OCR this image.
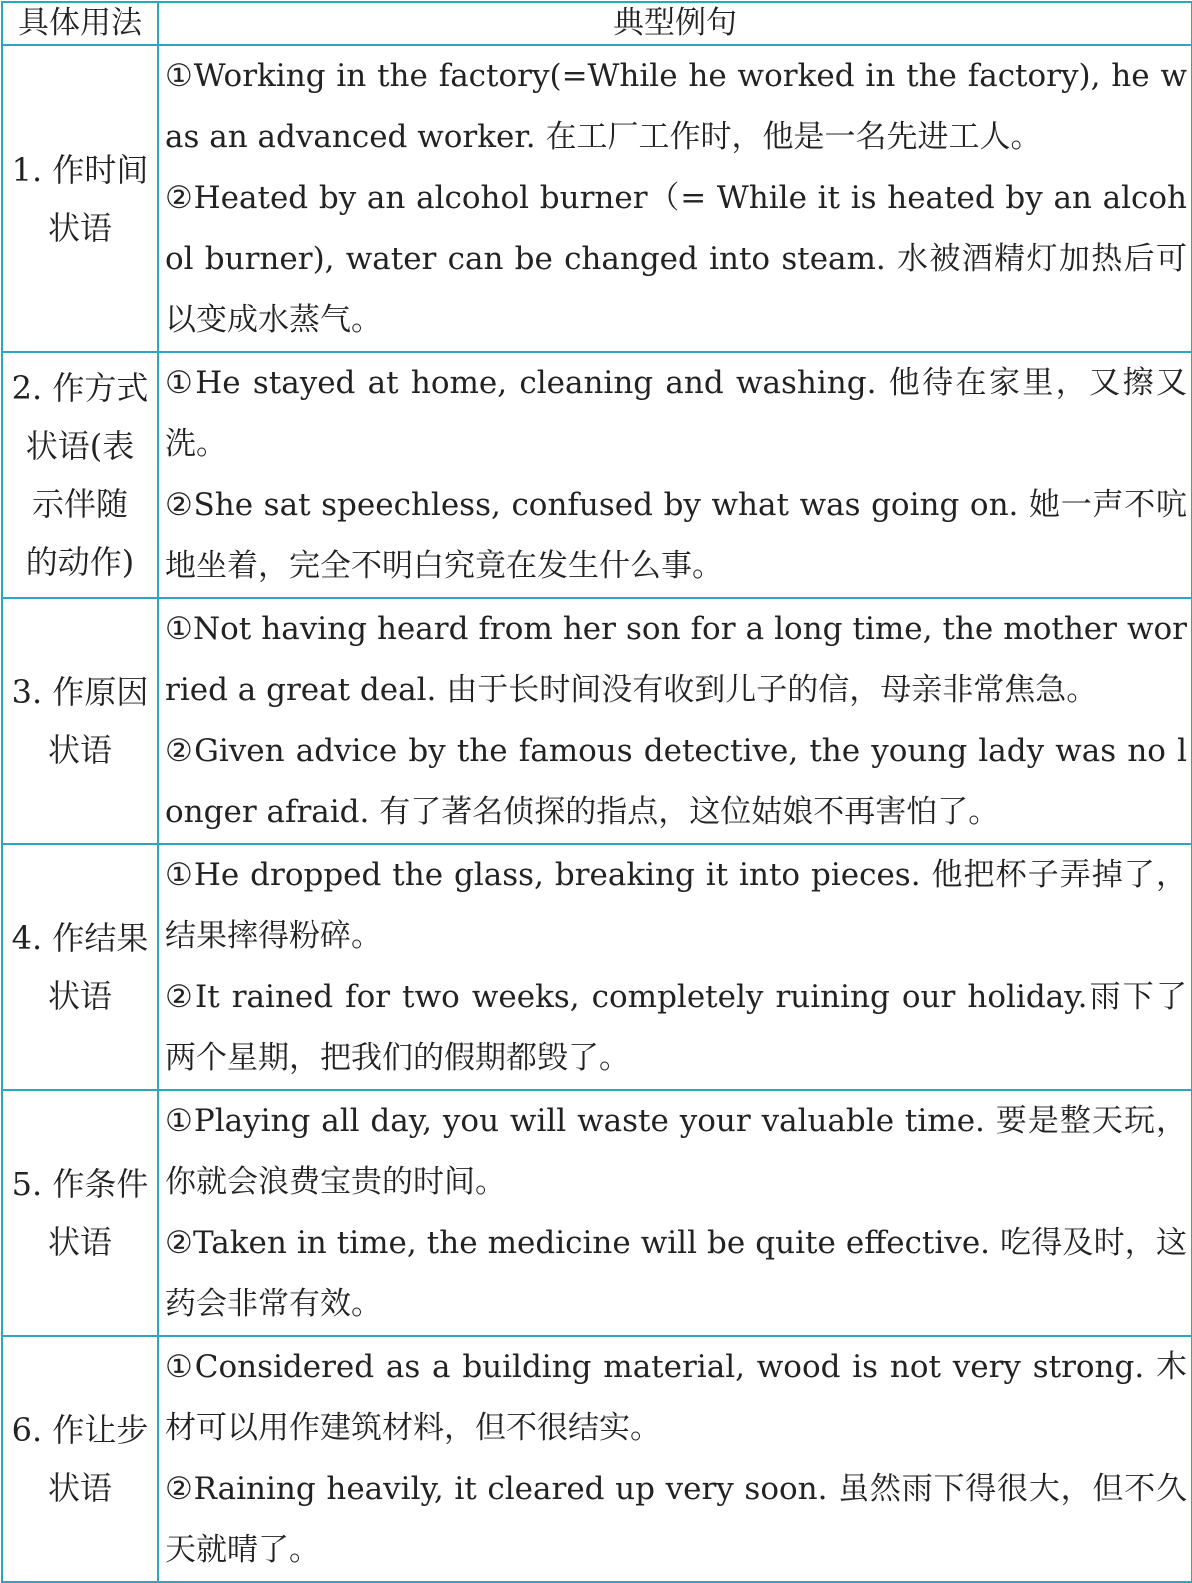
具体用法	典型例句

1. 作时间
状语	①Working in the factory(=While he worked in the factory), he was an advanced worker. 在工厂工作时，他是一名先进工人。
②Heated by an alcohol burner（= While it is heated by an alcohol burner), water can be changed into steam. 水被酒精灯加热后可以变成水蒸气。

2. 作方式
状语(表
示伴随
的动作)	①He stayed at home, cleaning and washing. 他待在家里，又擦又洗。
②She sat speechless, confused by what was going on. 她一声不吭地坐着，完全不明白究竟在发生什么事。

3. 作原因
状语	①Not having heard from her son for a long time, the mother worried a great deal. 由于长时间没有收到儿子的信，母亲非常焦急。
②Given advice by the famous detective, the young lady was no longer afraid. 有了著名侦探的指点，这位姑娘不再害怕了。

4. 作结果
状语	①He dropped the glass, breaking it into pieces. 他把杯子弄掉了，结果摔得粉碎。
②It rained for two weeks, completely ruining our holiday.雨下了两个星期，把我们的假期都毁了。

5. 作条件
状语	①Playing all day, you will waste your valuable time. 要是整天玩，你就会浪费宝贵的时间。
②Taken in time, the medicine will be quite effective. 吃得及时，这药会非常有效。

6. 作让步
状语	①Considered as a building material, wood is not very strong. 木材可以用作建筑材料，但不很结实。
②Raining heavily, it cleared up very soon. 虽然雨下得很大，但不久天就晴了。
